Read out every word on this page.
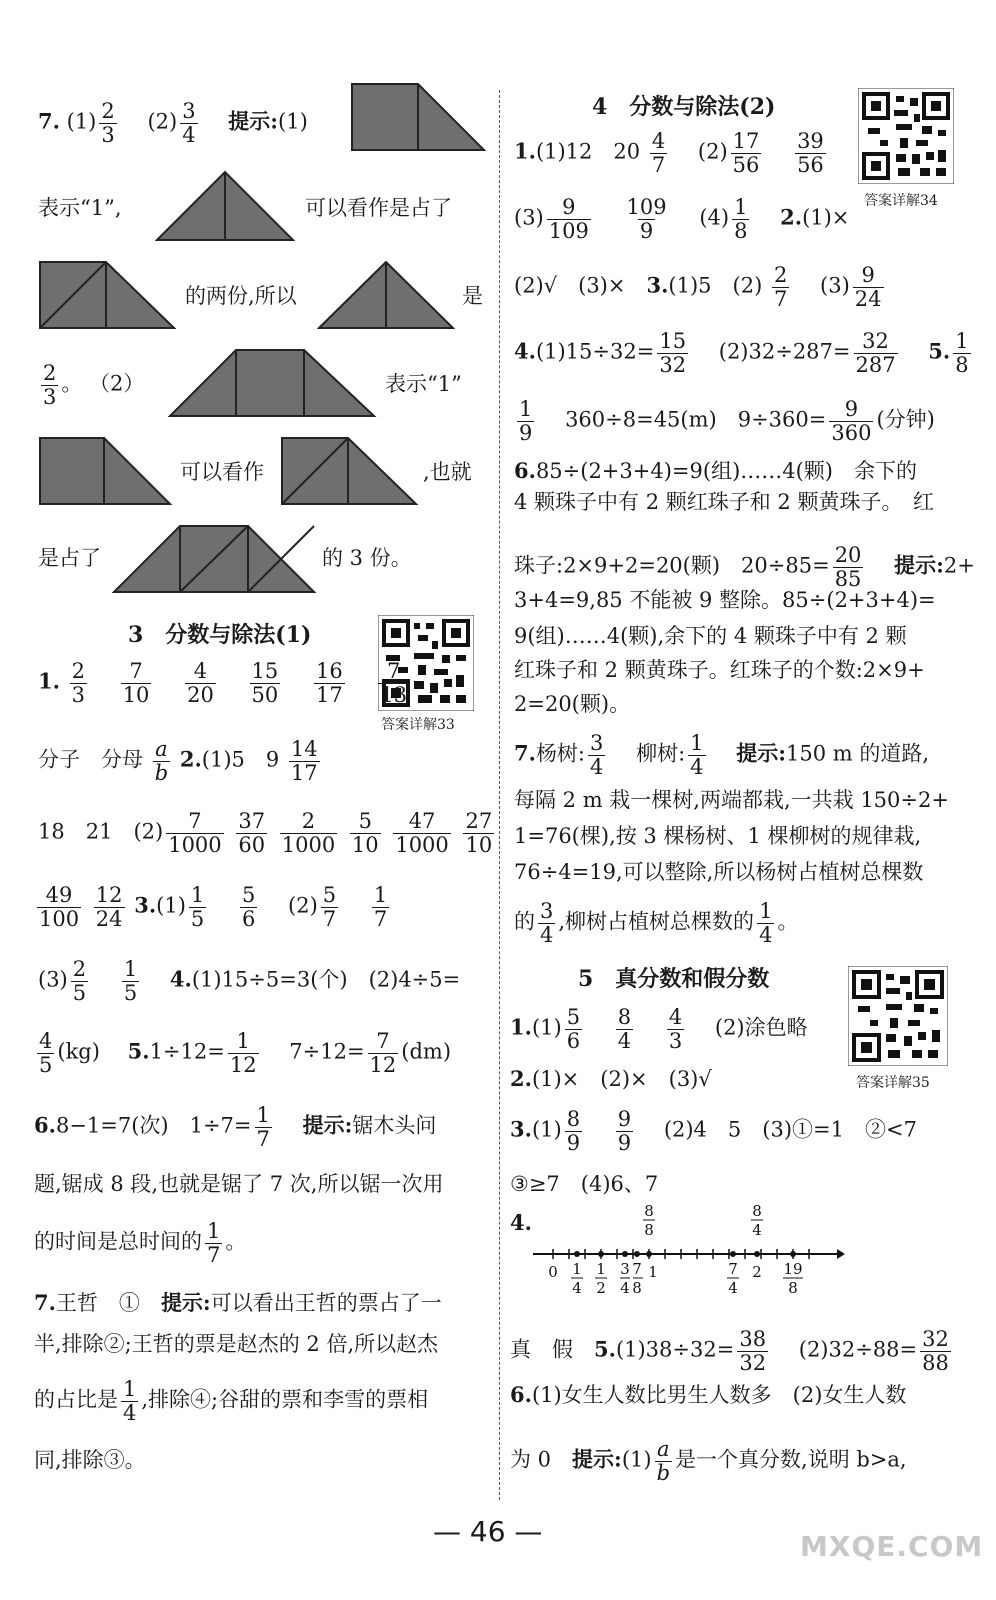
7. $(1) \frac{2}{3}$
　 $(2) \frac{3}{4}$
　 提示:(1)
表示“1”,	可以看作是占了
的两份,所以	是
$\frac{2}{3}$ 。 （2）	表示“1”
可以看作	,也就
是占了	的 3 份。
3　分数与除法(1)
答案详解33
1. $\frac{2}{3}$
　 $\frac{7}{10}$
　 $\frac{4}{20}$
　 $\frac{15}{50}$
　 $\frac{16}{17}$
　 $\frac{7}{13}$
分子　分母 $\frac{a}{b} 2.(1)5$　$9 \frac{14}{17}$
18　21　$(2) \frac{7}{1000}$
$\frac{37}{60}$
$\frac{2}{1000}$
$\frac{5}{10}$
$\frac{47}{1000}$
$\frac{27}{10}$
$\frac{49}{100}$
$\frac{12}{24} 3.(1) \frac{1}{5}$
　 $\frac{5}{6}$
　 $(2) \frac{5}{7}$
　 $\frac{1}{7}$
$(3) \frac{2}{5}$
　 $\frac{1}{5}$
　 4.(1)15÷5=3(个)　(2)4÷5=
$\frac{4}{5} (kg)$ 　 $5.1\div 12= \frac{1}{12}$
　 $7\div 12= \frac{7}{12} (dm)$
6.8−1=7(次)　$1\div 7= \frac{1}{7}$
　 提示:锯木头问
题,锯成 8 段,也就是锯了 7 次,所以锯一次用
的时间是总时间的 $\frac{1}{7}$ 。
7.王哲　①　 提示:可以看出王哲的票占了一
半,排除②;王哲的票是赵杰的 2 倍,所以赵杰
的占比是 $\frac{1}{4}$ ,排除④;谷甜的票和李雪的票相
同,排除③。
4　分数与除法(2)
答案详解34
1.(1)12　$20 \frac{4}{7}$
　 $(2) \frac{17}{56}$
　 $\frac{39}{56}$
$(3) \frac{9}{109}$
　 $\frac{109}{9}$
　 $(4) \frac{1}{8}$
　 2.(1)×
(2)√　(3)×　 3.(1)5　$(2) \frac{2}{7}$
　 $(3) \frac{9}{24}$
$4.(1)15\div 32= \frac{15}{32}$
　 $(2)32\div 287= \frac{32}{287}$
　 5. $\frac{1}{8}$
$\frac{1}{9}$
　 360÷8=45(m)　$9\div 360= \frac{9}{360}$ (分钟)
6.85÷(2+3+4)=9(组)……4(颗)　余下的
4 颗珠子中有 2 颗红珠子和 2 颗黄珠子。　红
珠子:2×9+2=20(颗)　$20\div 85= \frac{20}{85}$
　 提示:2+
3+4=9,85 不能被 9 整除。85÷(2+3+4)=
9(组)……4(颗),余下的 4 颗珠子中有 2 颗
红珠子和 2 颗黄珠子。红珠子的个数:2×9+
2=20(颗)。
7.杨树: $\frac{3}{4}$
　 柳树: $\frac{1}{4}$
　 提示:150 m 的道路,
每隔 2 m 栽一棵树,两端都栽,一共栽 150÷2+
1=76(棵),按 3 棵杨树、1 棵柳树的规律栽,
76÷4=19,可以整除,所以杨树占植树总棵数
的 $\frac{3}{4}$ ,柳树占植树总棵数的 $\frac{1}{4}$ 。
5　真分数和假分数
答案详解35
$1.(1) \frac{5}{6}$
　 $\frac{8}{4}$
　 $\frac{4}{3}$
　 (2)涂色略
2.(1)×　(2)×　(3)√
$3.(1) \frac{8}{9}$
　 $\frac{9}{9}$
　 (2)4　5　(3)①=1　②<7
③≥7　(4)6、7
4.
0 1
4
1
2
3
4
7
8
1	7
4
2 19
8
8
8
8
4
真　假　 $5.(1)38\div 32= \frac{38}{32}$
　 $(2)32\div 88= \frac{32}{88}$
6.(1)女生人数比男生人数多　(2)女生人数
为 0　 提示:(1) $\frac{a}{b}$ 是一个真分数,说明 b>a,
— 46 —	MXQE.COM
